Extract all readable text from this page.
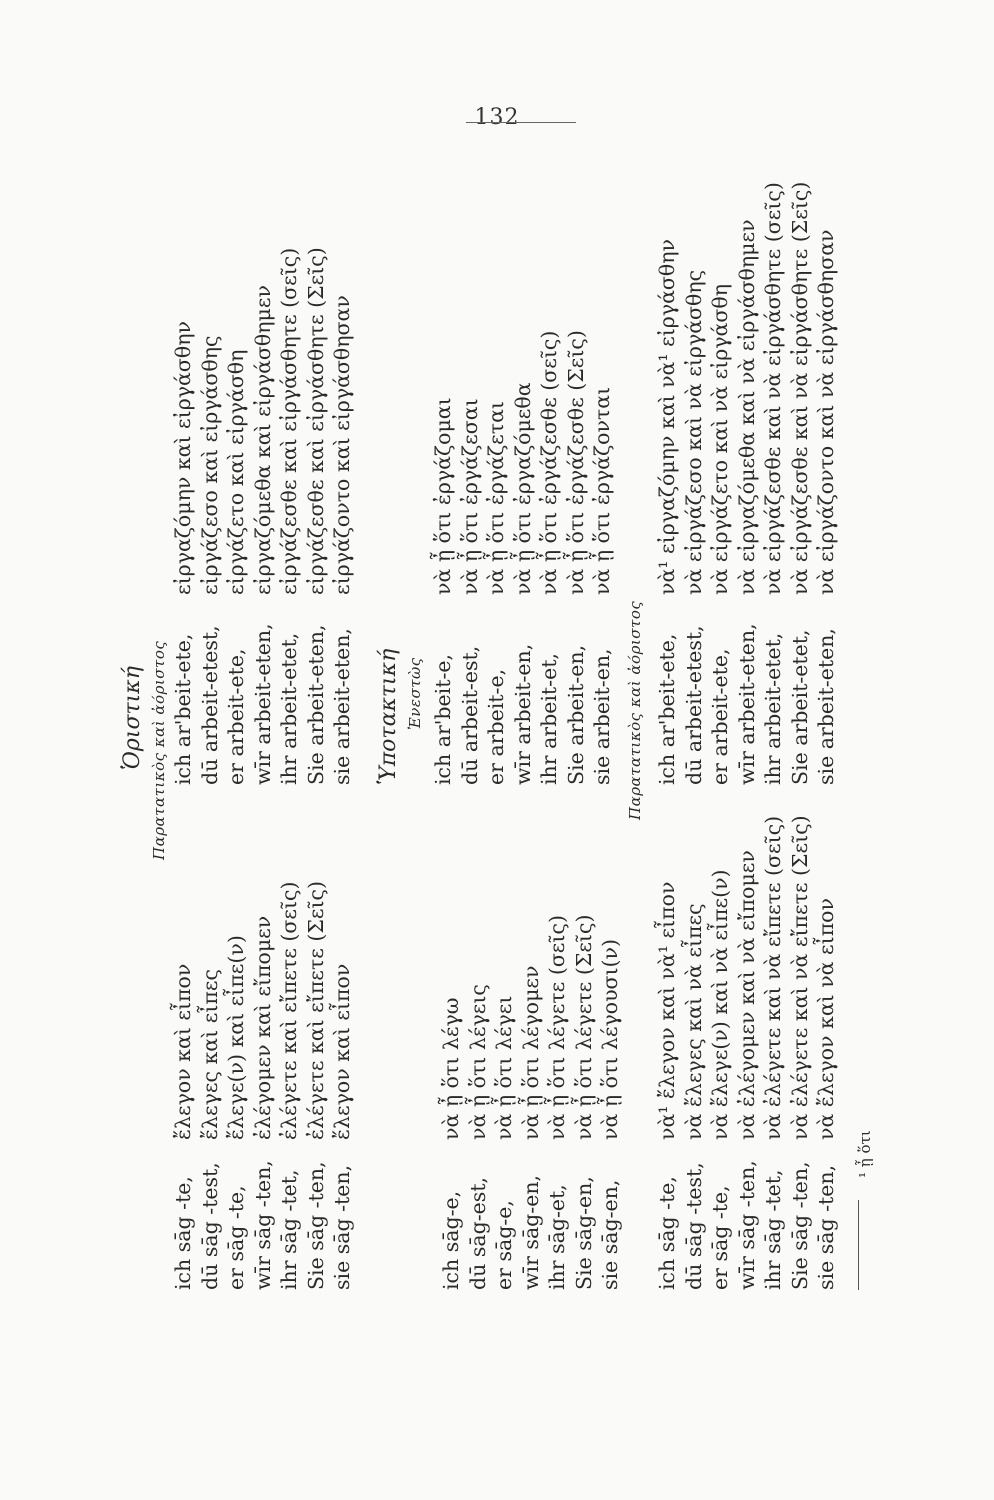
132
ich sāg -te,ἔλεγον καὶ εἶπον
dū sāg -test,ἔλεγες καὶ εἶπες
er sāg -te,ἔλεγε(ν) καὶ εἶπε(ν)
wīr sāg -ten,ἐλέγομεν καὶ εἴπομεν
ihr sāg -tet,ἐλέγετε καὶ εἴπετε (σεῖς)
Sie sāg -ten,ἐλέγετε καὶ εἴπετε (Σεῖς)
sie sāg -ten,ἔλεγον καὶ εἶπον
ich sāg-e,νὰ ᾖ ὅτι λέγω
dū sāg-est,νὰ ᾖ ὅτι λέγεις
er sāg-e,νὰ ᾖ ὅτι λέγει
wīr sāg-en,νὰ ᾖ ὅτι λέγομεν
ihr sāg-et,νὰ ᾖ ὅτι λέγετε (σεῖς)
Sie sāg-en,νὰ ᾖ ὅτι λέγετε (Σεῖς)
sie sāg-en,νὰ ᾖ ὅτι λέγουσι(ν)
ich sāg -te,νὰ¹ ἔλεγον καὶ νὰ¹ εἶπον
dū sāg -test,νὰ ἔλεγες καὶ νὰ εἶπες
er sāg -te,νὰ ἔλεγε(ν) καὶ νὰ εἶπε(ν)
wīr sāg -ten,νὰ ἐλέγομεν καὶ νὰ εἴπομεν
ihr sāg -tet,νὰ ἐλέγετε καὶ νὰ εἴπετε (σεῖς)
Sie sāg -ten,νὰ ἐλέγετε καὶ νὰ εἴπετε (Σεῖς)
sie sāg -ten,νὰ ἔλεγον καὶ νὰ εἶπον
¹ ᾖ ὅτι
Ὁριστική Παρατατικὸς καὶ ἀόριστος ich ar'beit-ete,εἰργαζόμην καὶ εἰργάσθην
dū arbeit-etest,εἰργάζεσο καὶ εἰργάσθης
er arbeit-ete,εἰργάζετο καὶ εἰργάσθη
wīr arbeit-eten,εἰργαζόμεθα καὶ εἰργάσθημεν
ihr arbeit-etet,εἰργάζεσθε καὶ εἰργάσθητε (σεῖς)
Sie arbeit-eten,εἰργάζεσθε καὶ εἰργάσθητε (Σεῖς)
sie arbeit-eten,εἰργάζοντο καὶ εἰργάσθησαν
Ὑποτακτική Ἐνεστὼς ich ar'beit-e,νὰ ᾖ ὅτι ἐργάζομαι
dū arbeit-est,νὰ ᾖ ὅτι ἐργάζεσαι
er arbeit-e,νὰ ᾖ ὅτι ἐργάζεται
wīr arbeit-en,νὰ ᾖ ὅτι ἐργαζόμεθα
ihr arbeit-et,νὰ ᾖ ὅτι ἐργάζεσθε (σεῖς)
Sie arbeit-en,νὰ ᾖ ὅτι ἐργάζεσθε (Σεῖς)
sie arbeit-en,νὰ ᾖ ὅτι ἐργάζονται
Παρατατικὸς καὶ ἀόριστος ich ar'beit-ete,νὰ¹ εἰργαζόμην καὶ νὰ¹ εἰργάσθην
dū arbeit-etest,νὰ εἰργάζεσο καὶ νὰ εἰργάσθης
er arbeit-ete,νὰ εἰργάζετο καὶ νὰ εἰργάσθη
wīr arbeit-eten,νὰ εἰργαζόμεθα καὶ νὰ εἰργάσθημεν
ihr arbeit-etet,νὰ εἰργάζεσθε καὶ νὰ εἰργάσθητε (σεῖς)
Sie arbeit-etet,νὰ εἰργάζεσθε καὶ νὰ εἰργάσθητε (Σεῖς)
sie arbeit-eten,νὰ εἰργάζοντο καὶ νὰ εἰργάσθησαν
